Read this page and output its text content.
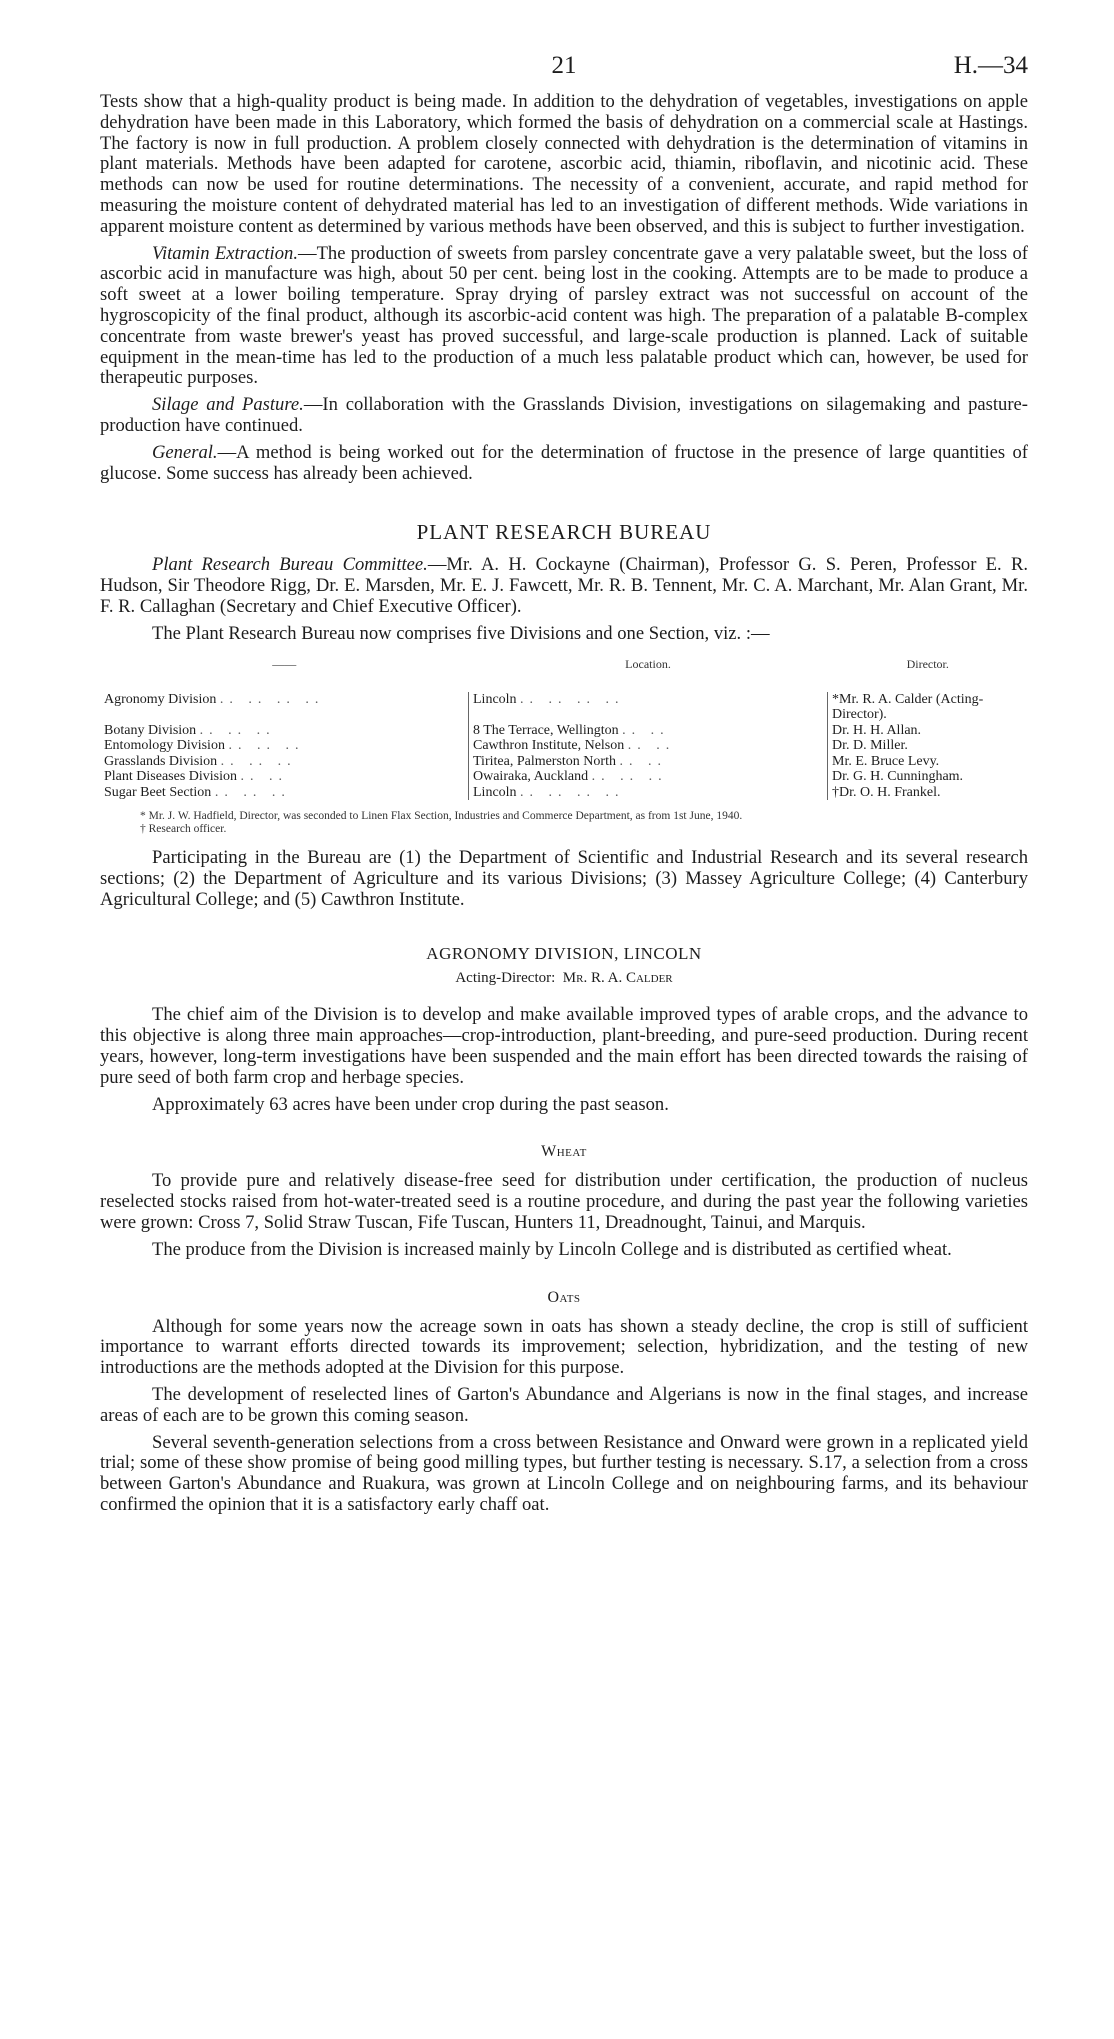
21	H.—34

Tests show that a high-quality product is being made. In addition to the dehydration of vegetables, investigations on apple dehydration have been made in this Laboratory, which formed the basis of dehydration on a commercial scale at Hastings. The factory is now in full production. A problem closely connected with dehydration is the determination of vitamins in plant materials. Methods have been adapted for carotene, ascorbic acid, thiamin, riboflavin, and nicotinic acid. These methods can now be used for routine determinations. The necessity of a convenient, accurate, and rapid method for measuring the moisture content of dehydrated material has led to an investigation of different methods. Wide variations in apparent moisture content as determined by various methods have been observed, and this is subject to further investigation.

Vitamin Extraction.—The production of sweets from parsley concentrate gave a very palatable sweet, but the loss of ascorbic acid in manufacture was high, about 50 per cent. being lost in the cooking. Attempts are to be made to produce a soft sweet at a lower boiling temperature. Spray drying of parsley extract was not successful on account of the hygroscopicity of the final product, although its ascorbic-acid content was high. The preparation of a palatable B-complex concentrate from waste brewer's yeast has proved successful, and large-scale production is planned. Lack of suitable equipment in the mean-time has led to the production of a much less palatable product which can, however, be used for therapeutic purposes.

Silage and Pasture.—In collaboration with the Grasslands Division, investigations on silagemaking and pasture-production have continued.

General.—A method is being worked out for the determination of fructose in the presence of large quantities of glucose. Some success has already been achieved.

PLANT RESEARCH BUREAU

Plant Research Bureau Committee.—Mr. A. H. Cockayne (Chairman), Professor G. S. Peren, Professor E. R. Hudson, Sir Theodore Rigg, Dr. E. Marsden, Mr. E. J. Fawcett, Mr. R. B. Tennent, Mr. C. A. Marchant, Mr. Alan Grant, Mr. F. R. Callaghan (Secretary and Chief Executive Officer).

The Plant Research Bureau now comprises five Divisions and one Section, viz. :—

——	Location.	Director.
Agronomy Division .. .. .. ..	Lincoln .. .. .. ..	*Mr. R. A. Calder (Acting-Director).
Botany Division .. .. ..	8 The Terrace, Wellington .. ..	Dr. H. H. Allan.
Entomology Division .. .. ..	Cawthron Institute, Nelson .. ..	Dr. D. Miller.
Grasslands Division .. .. ..	Tiritea, Palmerston North .. ..	Mr. E. Bruce Levy.
Plant Diseases Division .. ..	Owairaka, Auckland .. .. ..	Dr. G. H. Cunningham.
Sugar Beet Section .. .. ..	Lincoln .. .. .. ..	†Dr. O. H. Frankel.
* Mr. J. W. Hadfield, Director, was seconded to Linen Flax Section, Industries and Commerce Department, as from 1st June, 1940.
† Research officer.

Participating in the Bureau are (1) the Department of Scientific and Industrial Research and its several research sections; (2) the Department of Agriculture and its various Divisions; (3) Massey Agriculture College; (4) Canterbury Agricultural College; and (5) Cawthron Institute.

AGRONOMY DIVISION, LINCOLN
Acting-Director: Mr. R. A. Calder

The chief aim of the Division is to develop and make available improved types of arable crops, and the advance to this objective is along three main approaches—crop-introduction, plant-breeding, and pure-seed production. During recent years, however, long-term investigations have been suspended and the main effort has been directed towards the raising of pure seed of both farm crop and herbage species.

Approximately 63 acres have been under crop during the past season.

Wheat

To provide pure and relatively disease-free seed for distribution under certification, the production of nucleus reselected stocks raised from hot-water-treated seed is a routine procedure, and during the past year the following varieties were grown: Cross 7, Solid Straw Tuscan, Fife Tuscan, Hunters 11, Dreadnought, Tainui, and Marquis.

The produce from the Division is increased mainly by Lincoln College and is distributed as certified wheat.

Oats

Although for some years now the acreage sown in oats has shown a steady decline, the crop is still of sufficient importance to warrant efforts directed towards its improvement; selection, hybridization, and the testing of new introductions are the methods adopted at the Division for this purpose.

The development of reselected lines of Garton's Abundance and Algerians is now in the final stages, and increase areas of each are to be grown this coming season.

Several seventh-generation selections from a cross between Resistance and Onward were grown in a replicated yield trial; some of these show promise of being good milling types, but further testing is necessary. S.17, a selection from a cross between Garton's Abundance and Ruakura, was grown at Lincoln College and on neighbouring farms, and its behaviour confirmed the opinion that it is a satisfactory early chaff oat.
